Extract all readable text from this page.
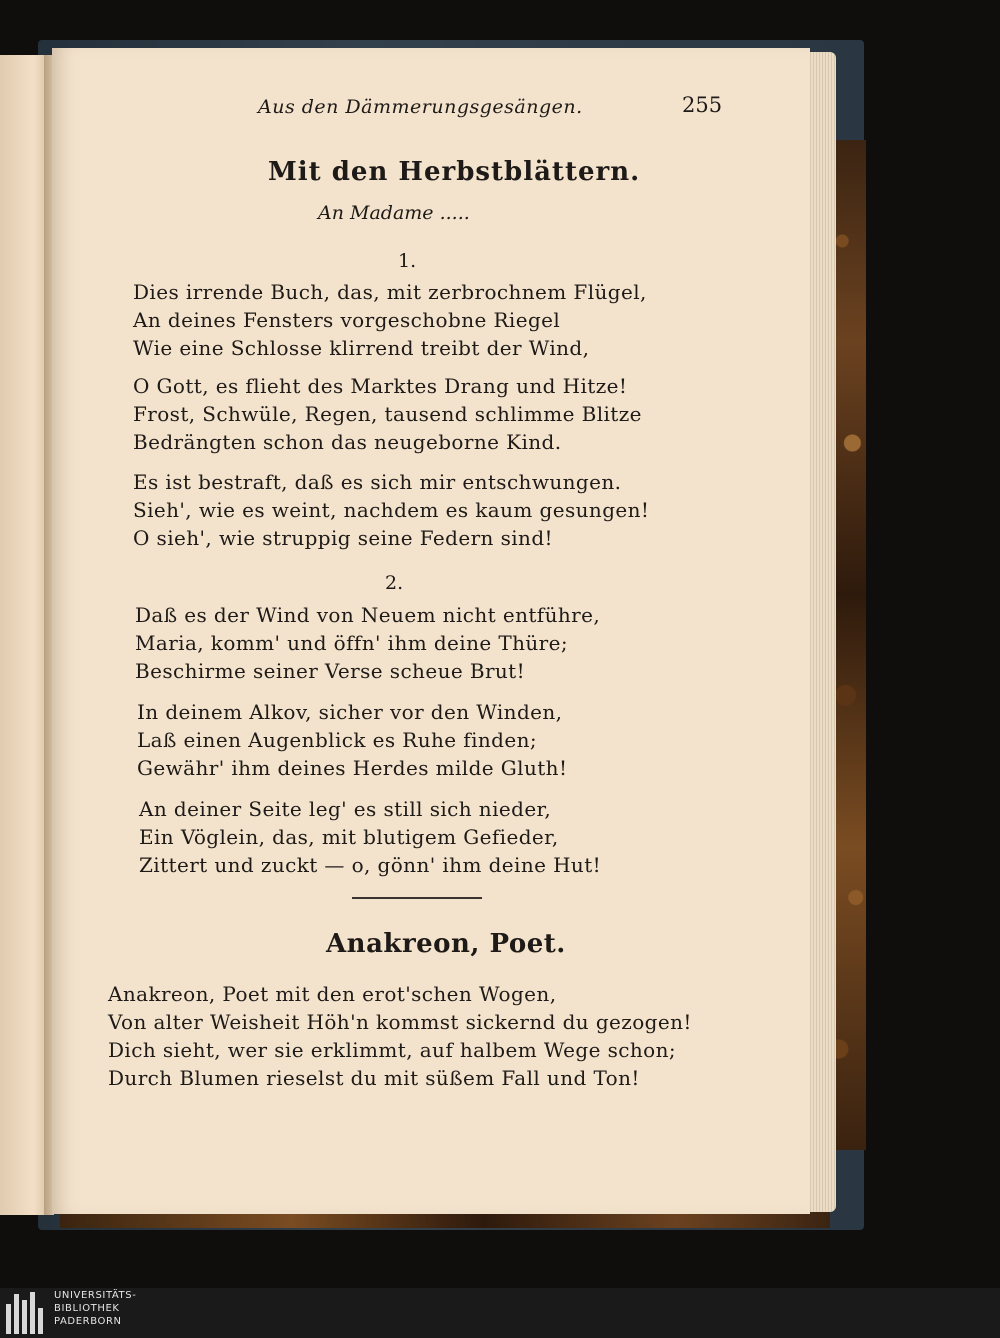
Aus den Dämmerungsgesängen.	255
Mit den Herbstblättern.
An Madame .....
1.
Dies irrende Buch, das, mit zerbrochnem Flügel,
An deines Fensters vorgeschobne Riegel
Wie eine Schlosse klirrend treibt der Wind,
O Gott, es flieht des Marktes Drang und Hitze!
Frost, Schwüle, Regen, tausend schlimme Blitze
Bedrängten schon das neugeborne Kind.
Es ist bestraft, daß es sich mir entschwungen.
Sieh', wie es weint, nachdem es kaum gesungen!
O sieh', wie struppig seine Federn sind!
2.
Daß es der Wind von Neuem nicht entführe,
Maria, komm' und öffn' ihm deine Thüre;
Beschirme seiner Verse scheue Brut!
In deinem Alkov, sicher vor den Winden,
Laß einen Augenblick es Ruhe finden;
Gewähr' ihm deines Herdes milde Gluth!
An deiner Seite leg' es still sich nieder,
Ein Vöglein, das, mit blutigem Gefieder,
Zittert und zuckt — o, gönn' ihm deine Hut!
Anakreon, Poet.
Anakreon, Poet mit den erot'schen Wogen,
Von alter Weisheit Höh'n kommst sickernd du gezogen!
Dich sieht, wer sie erklimmt, auf halbem Wege schon;
Durch Blumen rieselst du mit süßem Fall und Ton!
UNIVERSITÄTS-
BIBLIOTHEK
PADERBORN
